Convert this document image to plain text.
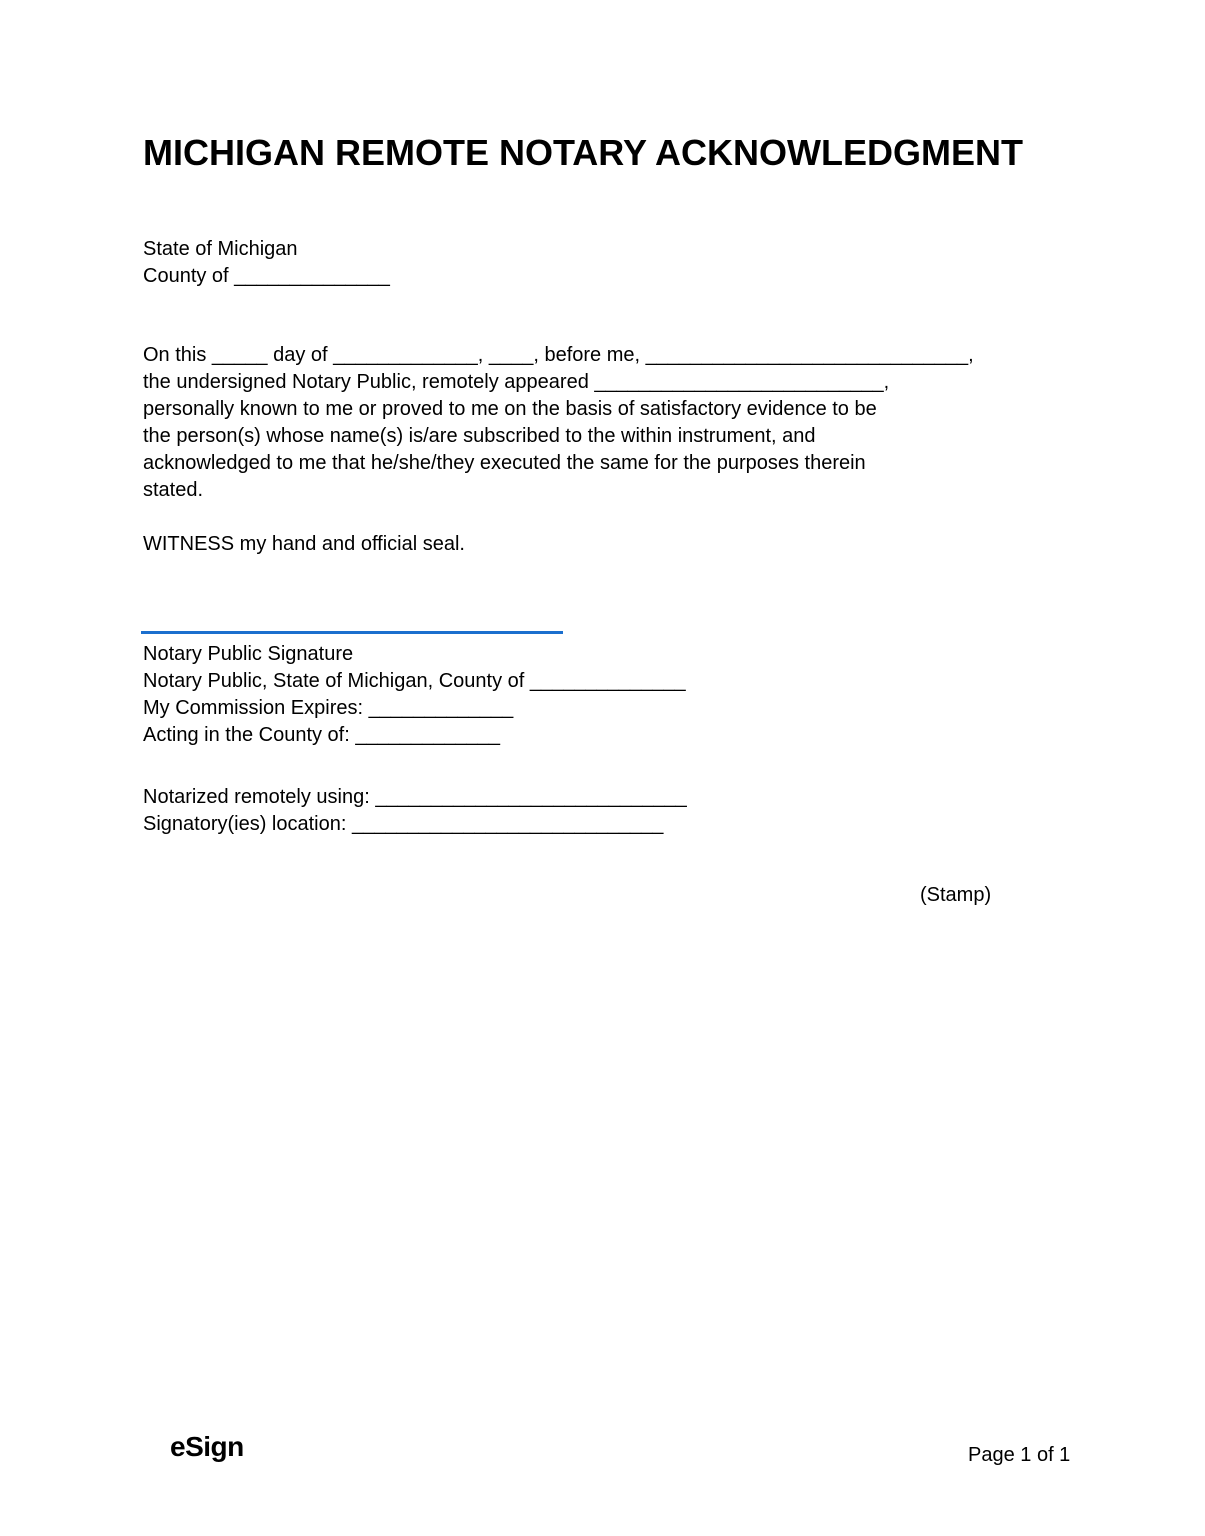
MICHIGAN REMOTE NOTARY ACKNOWLEDGMENT
State of Michigan
County of ______________
On this _____ day of _____________, ____, before me, _____________________________,
the undersigned Notary Public, remotely appeared __________________________,
personally known to me or proved to me on the basis of satisfactory evidence to be
the person(s) whose name(s) is/are subscribed to the within instrument, and
acknowledged to me that he/she/they executed the same for the purposes therein
stated.
WITNESS my hand and official seal.
Notary Public Signature
Notary Public, State of Michigan, County of ______________
My Commission Expires: _____________
Acting in the County of: _____________
Notarized remotely using: ____________________________
Signatory(ies) location: ____________________________
(Stamp)
eSign	Page 1 of 1
